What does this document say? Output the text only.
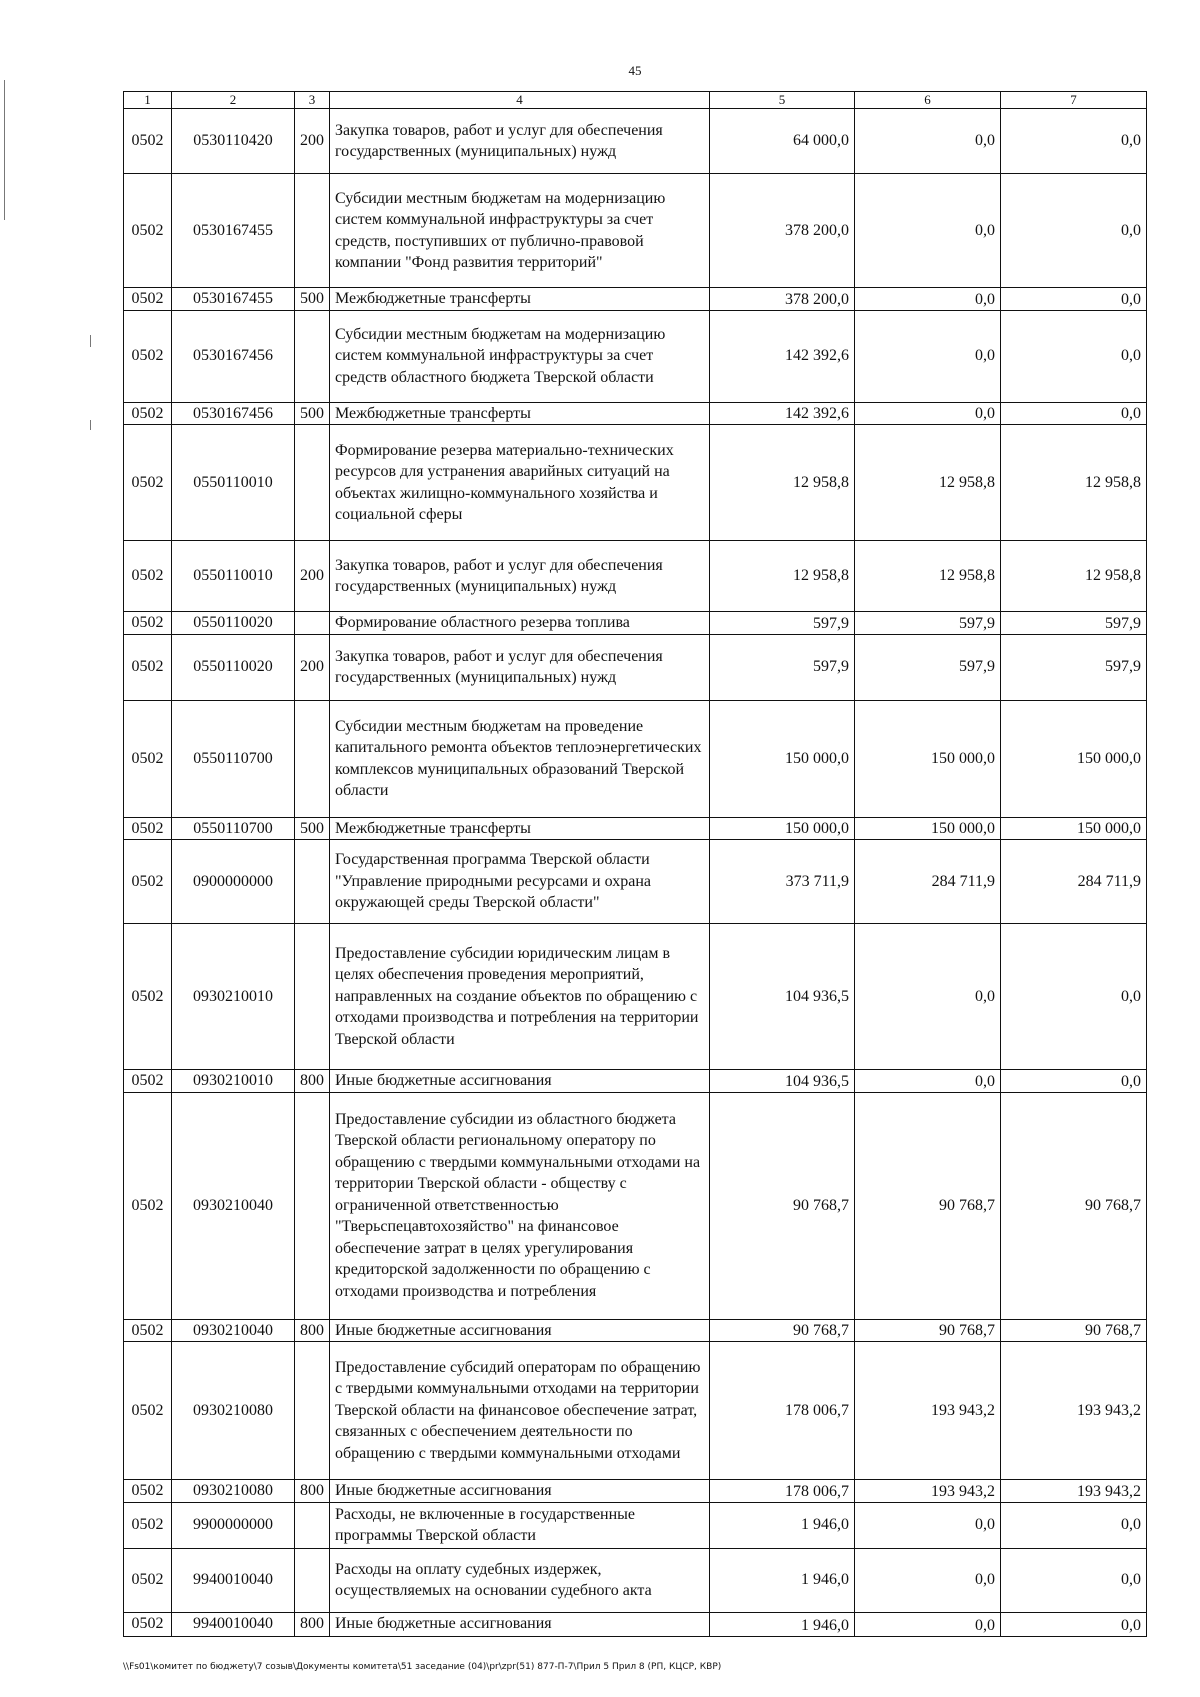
45
1	2	3	4	5	6	7
0502	0530110420	200	Закупка товаров, работ и услуг для обеспечения государственных (муниципальных) нужд	64 000,0	0,0	0,0
0502	0530167455		Субсидии местным бюджетам на модернизацию систем коммунальной инфраструктуры за счет средств, поступивших от публично-правовой компании "Фонд развития территорий"	378 200,0	0,0	0,0
0502	0530167455	500	Межбюджетные трансферты	378 200,0	0,0	0,0
0502	0530167456		Субсидии местным бюджетам на модернизацию систем коммунальной инфраструктуры за счет средств областного бюджета Тверской области	142 392,6	0,0	0,0
0502	0530167456	500	Межбюджетные трансферты	142 392,6	0,0	0,0
0502	0550110010		Формирование резерва материально-технических ресурсов для устранения аварийных ситуаций на объектах жилищно-коммунального хозяйства и социальной сферы	12 958,8	12 958,8	12 958,8
0502	0550110010	200	Закупка товаров, работ и услуг для обеспечения государственных (муниципальных) нужд	12 958,8	12 958,8	12 958,8
0502	0550110020		Формирование областного резерва топлива	597,9	597,9	597,9
0502	0550110020	200	Закупка товаров, работ и услуг для обеспечения государственных (муниципальных) нужд	597,9	597,9	597,9
0502	0550110700		Субсидии местным бюджетам на проведение капитального ремонта объектов теплоэнергетических комплексов муниципальных образований Тверской области	150 000,0	150 000,0	150 000,0
0502	0550110700	500	Межбюджетные трансферты	150 000,0	150 000,0	150 000,0
0502	0900000000		Государственная программа Тверской области "Управление природными ресурсами и охрана окружающей среды Тверской области"	373 711,9	284 711,9	284 711,9
0502	0930210010		Предоставление субсидии юридическим лицам в целях обеспечения проведения мероприятий, направленных на создание объектов по обращению с отходами производства и потребления на территории Тверской области	104 936,5	0,0	0,0
0502	0930210010	800	Иные бюджетные ассигнования	104 936,5	0,0	0,0
0502	0930210040		Предоставление субсидии из областного бюджета Тверской области региональному оператору по обращению с твердыми коммунальными отходами на территории Тверской области - обществу с ограниченной ответственностью "Тверьспецавтохозяйство" на финансовое обеспечение затрат в целях урегулирования кредиторской задолженности по обращению с отходами производства и потребления	90 768,7	90 768,7	90 768,7
0502	0930210040	800	Иные бюджетные ассигнования	90 768,7	90 768,7	90 768,7
0502	0930210080		Предоставление субсидий операторам по обращению с твердыми коммунальными отходами на территории Тверской области на финансовое обеспечение затрат, связанных с обеспечением деятельности по обращению с твердыми коммунальными отходами	178 006,7	193 943,2	193 943,2
0502	0930210080	800	Иные бюджетные ассигнования	178 006,7	193 943,2	193 943,2
0502	9900000000		Расходы, не включенные в государственные программы Тверской области	1 946,0	0,0	0,0
0502	9940010040		Расходы на оплату судебных издержек, осуществляемых на основании судебного акта	1 946,0	0,0	0,0
0502	9940010040	800	Иные бюджетные ассигнования	1 946,0	0,0	0,0
\\Fs01\комитет по бюджету\7 созыв\Документы комитета\51 заседание (04)\pr\zpr(51) 877-П-7\Прил 5 Прил 8 (РП, КЦСР, КВР)
